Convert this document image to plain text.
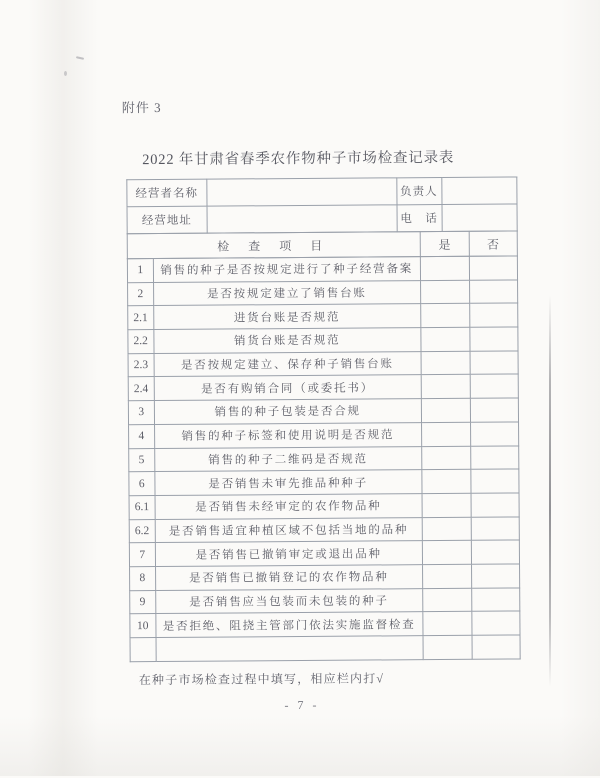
附件 3
2022 年甘肃省春季农作物种子市场检查记录表
经营者名称		负责人	
经营地址		电　话	
检 查 项 目	是	否
1	销售的种子是否按规定进行了种子经营备案		
2	是否按规定建立了销售台账		
2.1	进货台账是否规范		
2.2	销货台账是否规范		
2.3	是否按规定建立、保存种子销售台账		
2.4	是否有购销合同（或委托书）		
3	销售的种子包装是否合规		
4	销售的种子标签和使用说明是否规范		
5	销售的种子二维码是否规范		
6	是否销售未审先推品种种子		
6.1	是否销售未经审定的农作物品种		
6.2	是否销售适宜种植区域不包括当地的品种		
7	是否销售已撤销审定或退出品种		
8	是否销售已撤销登记的农作物品种		
9	是否销售应当包装而未包装的种子		
10	是否拒绝、阻挠主管部门依法实施监督检查		

在种子市场检查过程中填写，相应栏内打√
- 7 -
